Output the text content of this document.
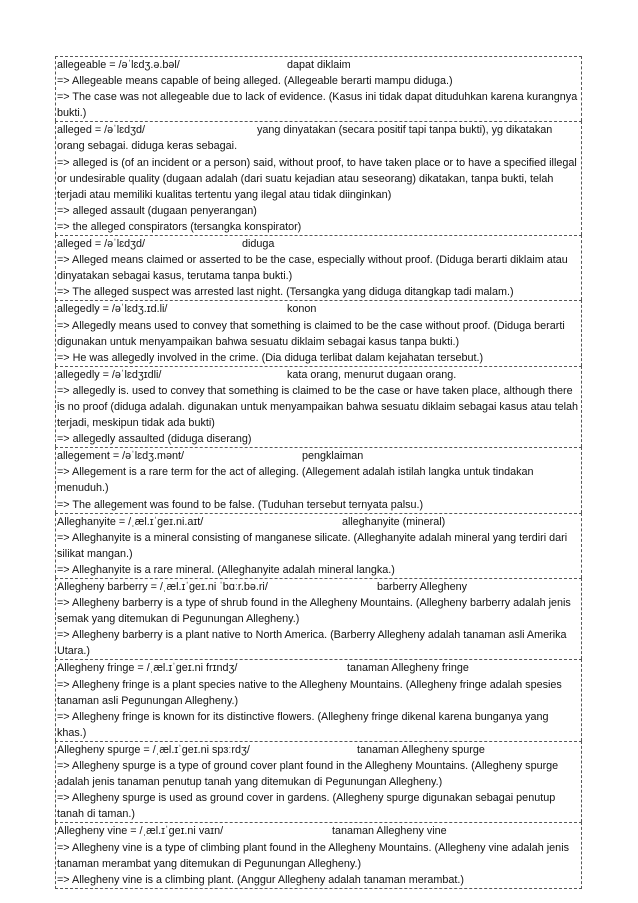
allegeable = /əˈlɛdʒ.ə.bəl/	dapat diklaim
=> Allegeable means capable of being alleged. (Allegeable berarti mampu diduga.)
=> The case was not allegeable due to lack of evidence. (Kasus ini tidak dapat dituduhkan karena kurangnya bukti.)
alleged = /əˈlɛdʒd/	yang dinyatakan (secara positif tapi tanpa bukti), yg dikatakan orang sebagai. diduga keras sebagai.
=> alleged is (of an incident or a person) said, without proof, to have taken place or to have a specified illegal or undesirable quality (dugaan adalah (dari suatu kejadian atau seseorang) dikatakan, tanpa bukti, telah terjadi atau memiliki kualitas tertentu yang ilegal atau tidak diinginkan)
=> alleged assault (dugaan penyerangan)
=> the alleged conspirators (tersangka konspirator)
alleged = /əˈlɛdʒd/	diduga
=> Alleged means claimed or asserted to be the case, especially without proof. (Diduga berarti diklaim atau dinyatakan sebagai kasus, terutama tanpa bukti.)
=> The alleged suspect was arrested last night. (Tersangka yang diduga ditangkap tadi malam.)
allegedly = /əˈlɛdʒ.ɪd.li/	konon
=> Allegedly means used to convey that something is claimed to be the case without proof. (Diduga berarti digunakan untuk menyampaikan bahwa sesuatu diklaim sebagai kasus tanpa bukti.)
=> He was allegedly involved in the crime. (Dia diduga terlibat dalam kejahatan tersebut.)
allegedly = /əˈlɛdʒɪdli/	kata orang, menurut dugaan orang.
=> allegedly is. used to convey that something is claimed to be the case or have taken place, although there is no proof (diduga adalah. digunakan untuk menyampaikan bahwa sesuatu diklaim sebagai kasus atau telah terjadi, meskipun tidak ada bukti)
=> allegedly assaulted (diduga diserang)
allegement = /əˈlɛdʒ.mənt/	pengklaiman
=> Allegement is a rare term for the act of alleging. (Allegement adalah istilah langka untuk tindakan menuduh.)
=> The allegement was found to be false. (Tuduhan tersebut ternyata palsu.)
Alleghanyite = /ˌæl.ɪˈɡeɪ.ni.aɪt/	alleghanyite (mineral)
=> Alleghanyite is a mineral consisting of manganese silicate. (Alleghanyite adalah mineral yang terdiri dari silikat mangan.)
=> Alleghanyite is a rare mineral. (Alleghanyite adalah mineral langka.)
Allegheny barberry = /ˌæl.ɪˈɡeɪ.ni ˈbɑːr.bə.ri/	barberry Allegheny
=> Allegheny barberry is a type of shrub found in the Allegheny Mountains. (Allegheny barberry adalah jenis semak yang ditemukan di Pegunungan Allegheny.)
=> Allegheny barberry is a plant native to North America. (Barberry Allegheny adalah tanaman asli Amerika Utara.)
Allegheny fringe = /ˌæl.ɪˈɡeɪ.ni frɪndʒ/	tanaman Allegheny fringe
=> Allegheny fringe is a plant species native to the Allegheny Mountains. (Allegheny fringe adalah spesies tanaman asli Pegunungan Allegheny.)
=> Allegheny fringe is known for its distinctive flowers. (Allegheny fringe dikenal karena bunganya yang khas.)
Allegheny spurge = /ˌæl.ɪˈɡeɪ.ni spɜːrdʒ/	tanaman Allegheny spurge
=> Allegheny spurge is a type of ground cover plant found in the Allegheny Mountains. (Allegheny spurge adalah jenis tanaman penutup tanah yang ditemukan di Pegunungan Allegheny.)
=> Allegheny spurge is used as ground cover in gardens. (Allegheny spurge digunakan sebagai penutup tanah di taman.)
Allegheny vine = /ˌæl.ɪˈɡeɪ.ni vaɪn/	tanaman Allegheny vine
=> Allegheny vine is a type of climbing plant found in the Allegheny Mountains. (Allegheny vine adalah jenis tanaman merambat yang ditemukan di Pegunungan Allegheny.)
=> Allegheny vine is a climbing plant. (Anggur Allegheny adalah tanaman merambat.)
